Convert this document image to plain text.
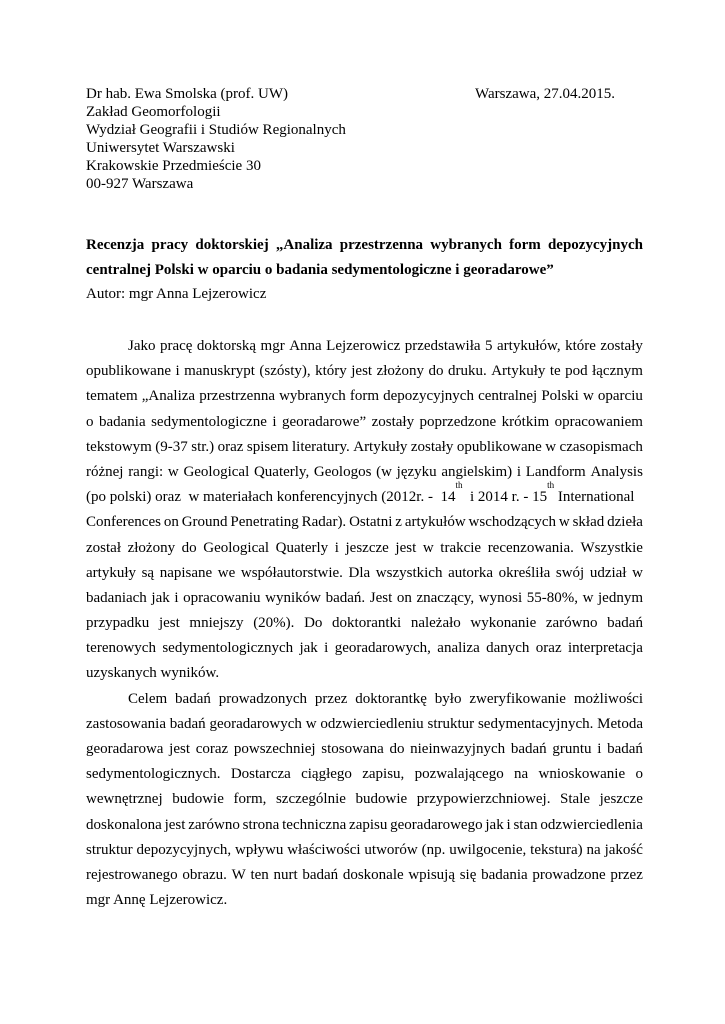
Dr hab. Ewa Smolska (prof. UW)
Zakład Geomorfologii
Wydział Geografii i Studiów Regionalnych
Uniwersytet Warszawski
Krakowskie Przedmieście 30
00-927 Warszawa
Warszawa, 27.04.2015.
Recenzja pracy doktorskiej „Analiza przestrzenna wybranych form depozycyjnych
centralnej Polski w oparciu o badania sedymentologiczne i georadarowe”
Autor: mgr Anna Lejzerowicz
Jako pracę doktorską mgr Anna Lejzerowicz przedstawiła 5 artykułów, które zostały
opublikowane i manuskrypt (szósty), który jest złożony do druku. Artykuły te pod łącznym
tematem „Analiza przestrzenna wybranych form depozycyjnych centralnej Polski w oparciu
o badania sedymentologiczne i georadarowe” zostały poprzedzone krótkim opracowaniem
tekstowym (9-37 str.) oraz spisem literatury. Artykuły zostały opublikowane w czasopismach
różnej rangi: w Geological Quaterly, Geologos (w języku angielskim) i Landform Analysis
(po polski) oraz  w materiałach konferencyjnych (2012r. -  14
th
i 2014 r. - 15
th
International
Conferences on Ground Penetrating Radar). Ostatni z artykułów wschodzących w skład dzieła
został złożony do Geological Quaterly i jeszcze jest w trakcie recenzowania. Wszystkie
artykuły są napisane we współautorstwie. Dla wszystkich autorka określiła swój udział w
badaniach jak i opracowaniu wyników badań. Jest on znaczący, wynosi 55-80%, w jednym
przypadku jest mniejszy (20%). Do doktorantki należało wykonanie zarówno badań
terenowych sedymentologicznych jak i georadarowych, analiza danych oraz interpretacja
uzyskanych wyników.
Celem badań prowadzonych przez doktorantkę było zweryfikowanie możliwości
zastosowania badań georadarowych w odzwierciedleniu struktur sedymentacyjnych. Metoda
georadarowa jest coraz powszechniej stosowana do nieinwazyjnych badań gruntu i badań
sedymentologicznych. Dostarcza ciągłego zapisu, pozwalającego na wnioskowanie o
wewnętrznej budowie form, szczególnie budowie przypowierzchniowej. Stale jeszcze
doskonalona jest zarówno strona techniczna zapisu georadarowego jak i stan odzwierciedlenia
struktur depozycyjnych, wpływu właściwości utworów (np. uwilgocenie, tekstura) na jakość
rejestrowanego obrazu. W ten nurt badań doskonale wpisują się badania prowadzone przez
mgr Annę Lejzerowicz.
